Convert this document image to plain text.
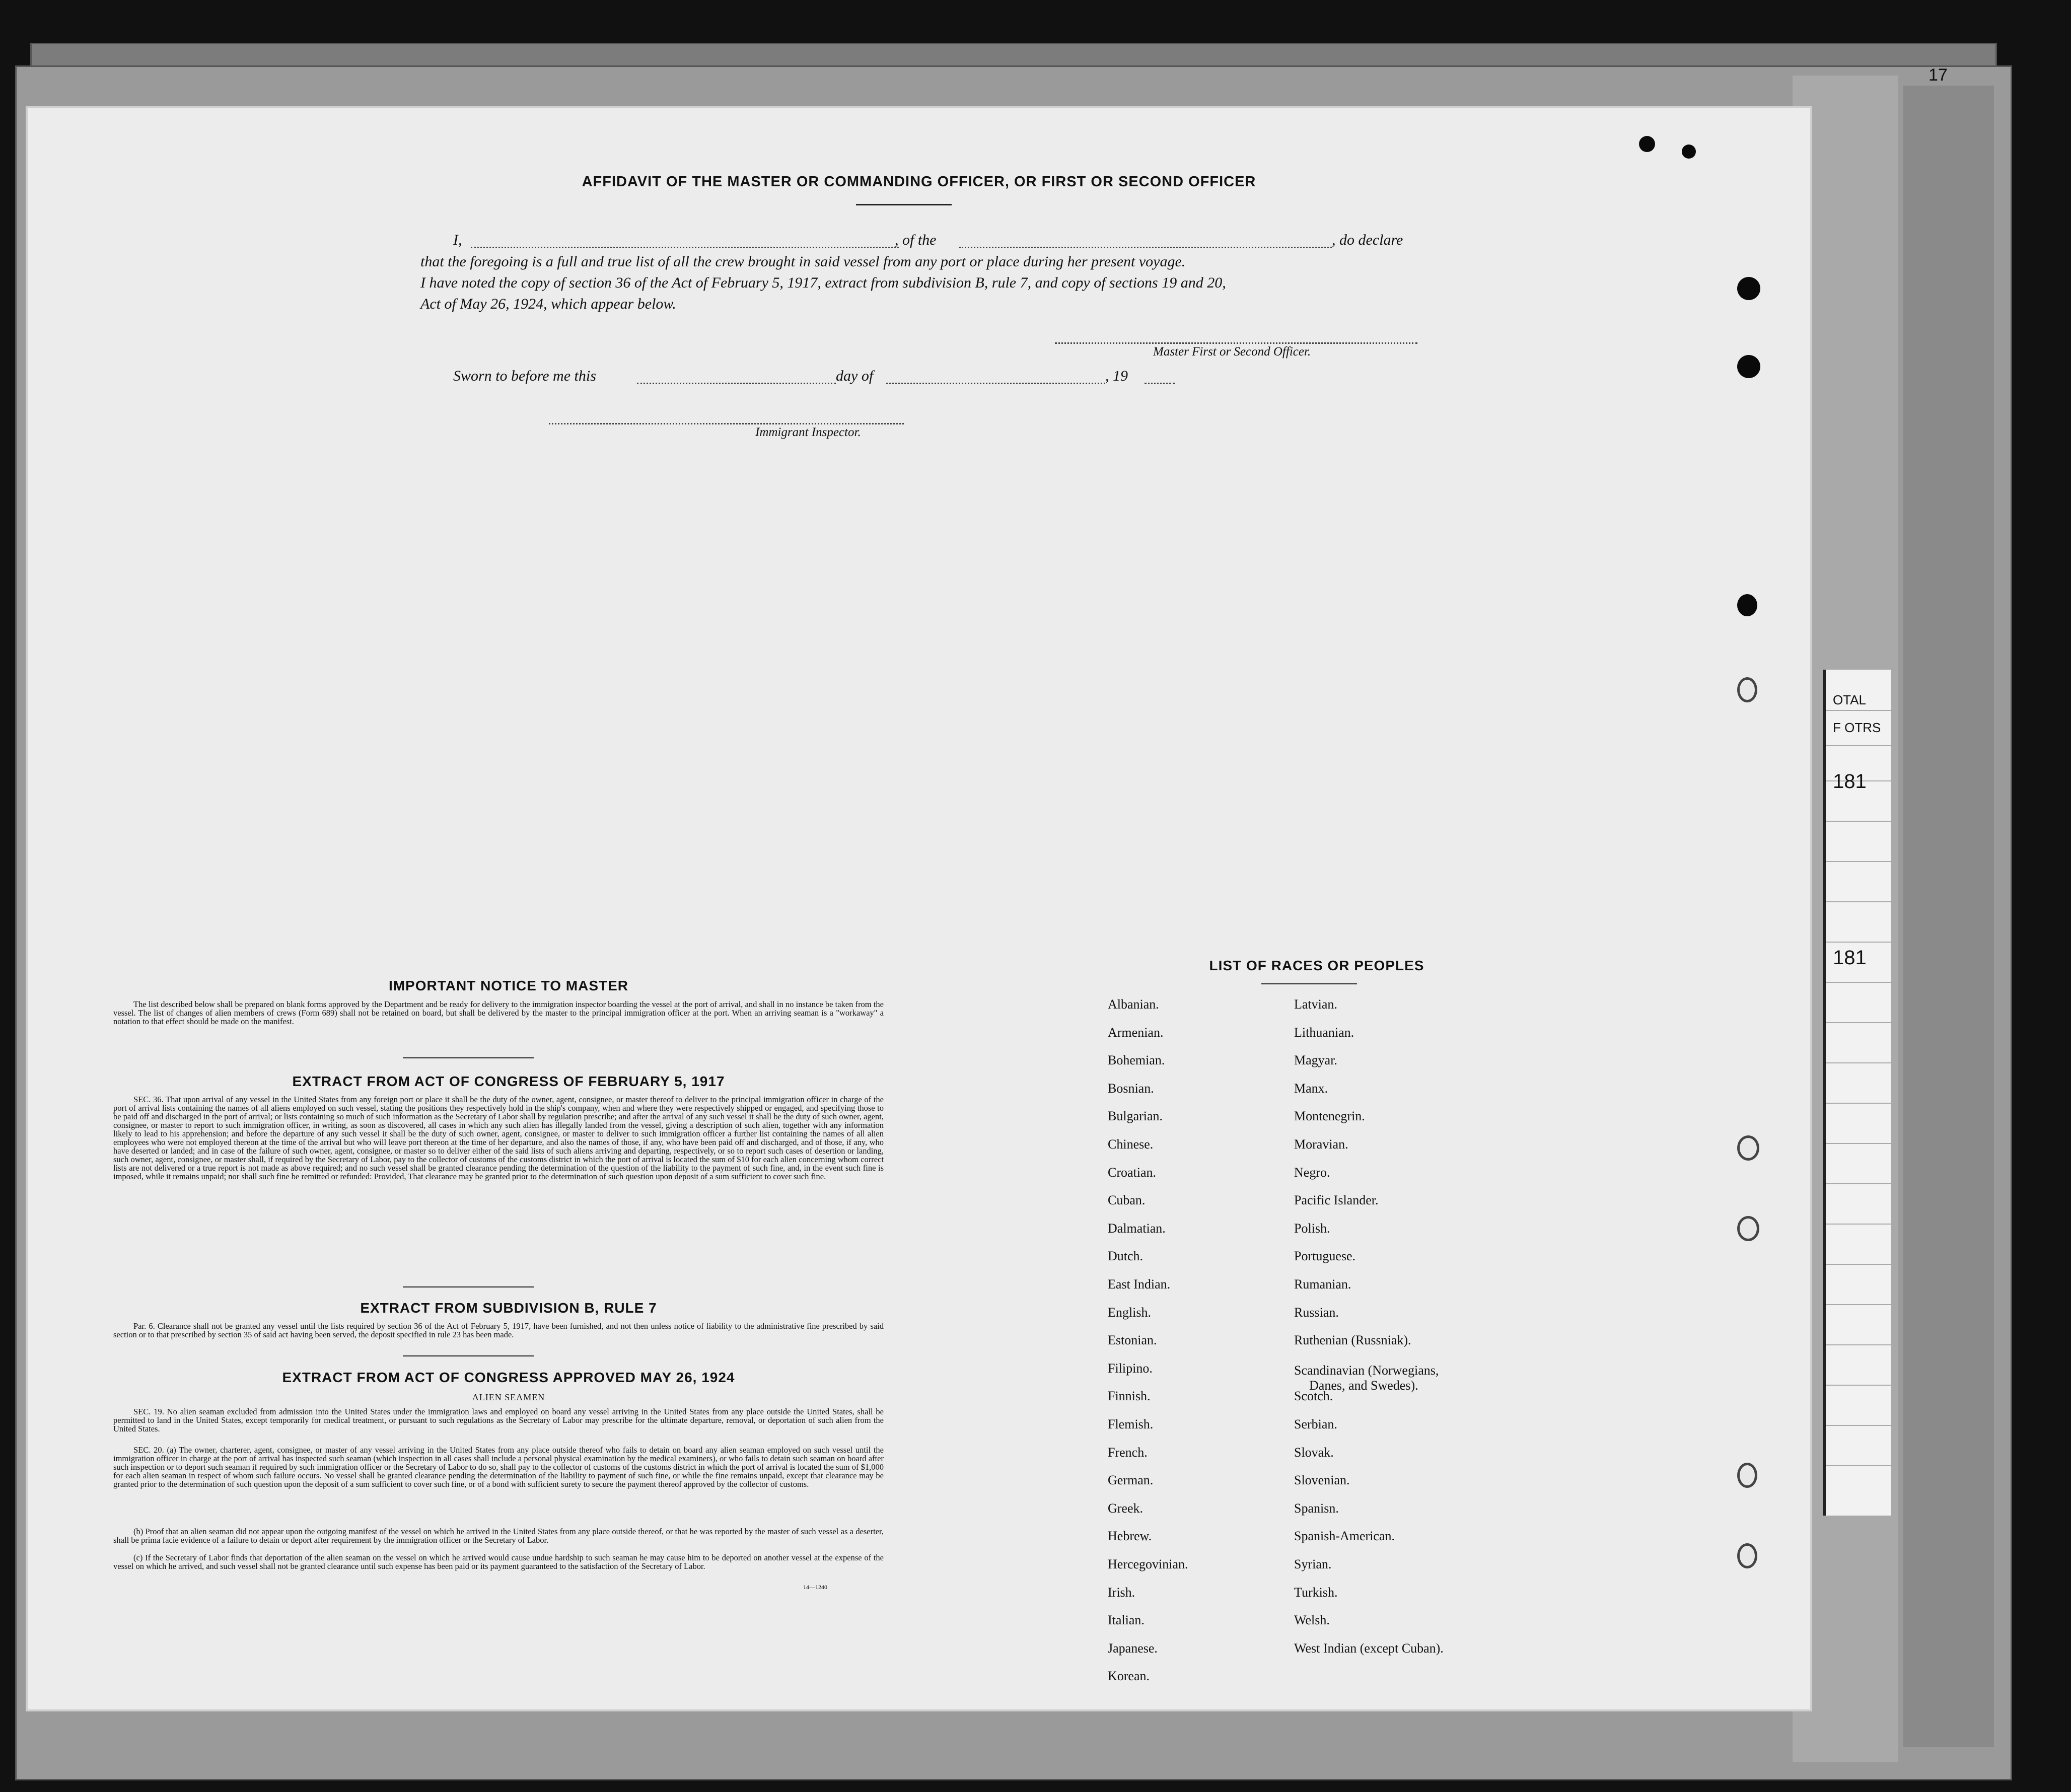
17
OTAL
F OTRS
181
181
AFFIDAVIT OF THE MASTER OR COMMANDING OFFICER, OR FIRST OR SECOND OFFICER
I,	, of the	, do declare
that the foregoing is a full and true list of all the crew brought in said vessel from any port or place during her present voyage.
I have noted the copy of section 36 of the Act of February 5, 1917, extract from subdivision B, rule 7, and copy of sections 19 and 20,
Act of May 26, 1924, which appear below.
Master First or Second Officer.
Sworn to before me this	day of	, 19
Immigrant Inspector.
IMPORTANT NOTICE TO MASTER
The list described below shall be prepared on blank forms approved by the Department and be ready for delivery to the immigration inspector boarding the vessel at the port of arrival, and shall in no instance be taken from the vessel. The list of changes of alien members of crews (Form 689) shall not be retained on board, but shall be delivered by the master to the principal immigration officer at the port. When an arriving seaman is a "workaway" a notation to that effect should be made on the manifest.
EXTRACT FROM ACT OF CONGRESS OF FEBRUARY 5, 1917
SEC. 36. That upon arrival of any vessel in the United States from any foreign port or place it shall be the duty of the owner, agent, consignee, or master thereof to deliver to the principal immigration officer in charge of the port of arrival lists containing the names of all aliens employed on such vessel, stating the positions they respectively hold in the ship's company, when and where they were respectively shipped or engaged, and specifying those to be paid off and discharged in the port of arrival; or lists containing so much of such information as the Secretary of Labor shall by regulation prescribe; and after the arrival of any such vessel it shall be the duty of such owner, agent, consignee, or master to report to such immigration officer, in writing, as soon as discovered, all cases in which any such alien has illegally landed from the vessel, giving a description of such alien, together with any information likely to lead to his apprehension; and before the departure of any such vessel it shall be the duty of such owner, agent, consignee, or master to deliver to such immigration officer a further list containing the names of all alien employees who were not employed thereon at the time of the arrival but who will leave port thereon at the time of her departure, and also the names of those, if any, who have been paid off and discharged, and of those, if any, who have deserted or landed; and in case of the failure of such owner, agent, consignee, or master so to deliver either of the said lists of such aliens arriving and departing, respectively, or so to report such cases of desertion or landing, such owner, agent, consignee, or master shall, if required by the Secretary of Labor, pay to the collector of customs of the customs district in which the port of arrival is located the sum of $10 for each alien concerning whom correct lists are not delivered or a true report is not made as above required; and no such vessel shall be granted clearance pending the determination of the question of the liability to the payment of such fine, and, in the event such fine is imposed, while it remains unpaid; nor shall such fine be remitted or refunded: Provided, That clearance may be granted prior to the determination of such question upon deposit of a sum sufficient to cover such fine.
EXTRACT FROM SUBDIVISION B, RULE 7
Par. 6. Clearance shall not be granted any vessel until the lists required by section 36 of the Act of February 5, 1917, have been furnished, and not then unless notice of liability to the administrative fine prescribed by said section or to that prescribed by section 35 of said act having been served, the deposit specified in rule 23 has been made.
EXTRACT FROM ACT OF CONGRESS APPROVED MAY 26, 1924
ALIEN SEAMEN
SEC. 19. No alien seaman excluded from admission into the United States under the immigration laws and employed on board any vessel arriving in the United States from any place outside the United States, shall be permitted to land in the United States, except temporarily for medical treatment, or pursuant to such regulations as the Secretary of Labor may prescribe for the ultimate departure, removal, or deportation of such alien from the United States.
SEC. 20. (a) The owner, charterer, agent, consignee, or master of any vessel arriving in the United States from any place outside thereof who fails to detain on board any alien seaman employed on such vessel until the immigration officer in charge at the port of arrival has inspected such seaman (which inspection in all cases shall include a personal physical examination by the medical examiners), or who fails to detain such seaman on board after such inspection or to deport such seaman if required by such immigration officer or the Secretary of Labor to do so, shall pay to the collector of customs of the customs district in which the port of arrival is located the sum of $1,000 for each alien seaman in respect of whom such failure occurs. No vessel shall be granted clearance pending the determination of the liability to payment of such fine, or while the fine remains unpaid, except that clearance may be granted prior to the determination of such question upon the deposit of a sum sufficient to cover such fine, or of a bond with sufficient surety to secure the payment thereof approved by the collector of customs.
(b) Proof that an alien seaman did not appear upon the outgoing manifest of the vessel on which he arrived in the United States from any place outside thereof, or that he was reported by the master of such vessel as a deserter, shall be prima facie evidence of a failure to detain or deport after requirement by the immigration officer or the Secretary of Labor.
(c) If the Secretary of Labor finds that deportation of the alien seaman on the vessel on which he arrived would cause undue hardship to such seaman he may cause him to be deported on another vessel at the expense of the vessel on which he arrived, and such vessel shall not be granted clearance until such expense has been paid or its payment guaranteed to the satisfaction of the Secretary of Labor.
14—1240
LIST OF RACES OR PEOPLES
Albanian.
Armenian.
Bohemian.
Bosnian.
Bulgarian.
Chinese.
Croatian.
Cuban.
Dalmatian.
Dutch.
East Indian.
English.
Estonian.
Filipino.
Finnish.
Flemish.
French.
German.
Greek.
Hebrew.
Hercegovinian.
Irish.
Italian.
Japanese.
Korean.
Latvian.
Lithuanian.
Magyar.
Manx.
Montenegrin.
Moravian.
Negro.
Pacific Islander.
Polish.
Portuguese.
Rumanian.
Russian.
Ruthenian (Russniak).
Scandinavian (Norwegians,
Danes, and Swedes).
Scotch.
Serbian.
Slovak.
Slovenian.
Spanisn.
Spanish-American.
Syrian.
Turkish.
Welsh.
West Indian (except Cuban).
